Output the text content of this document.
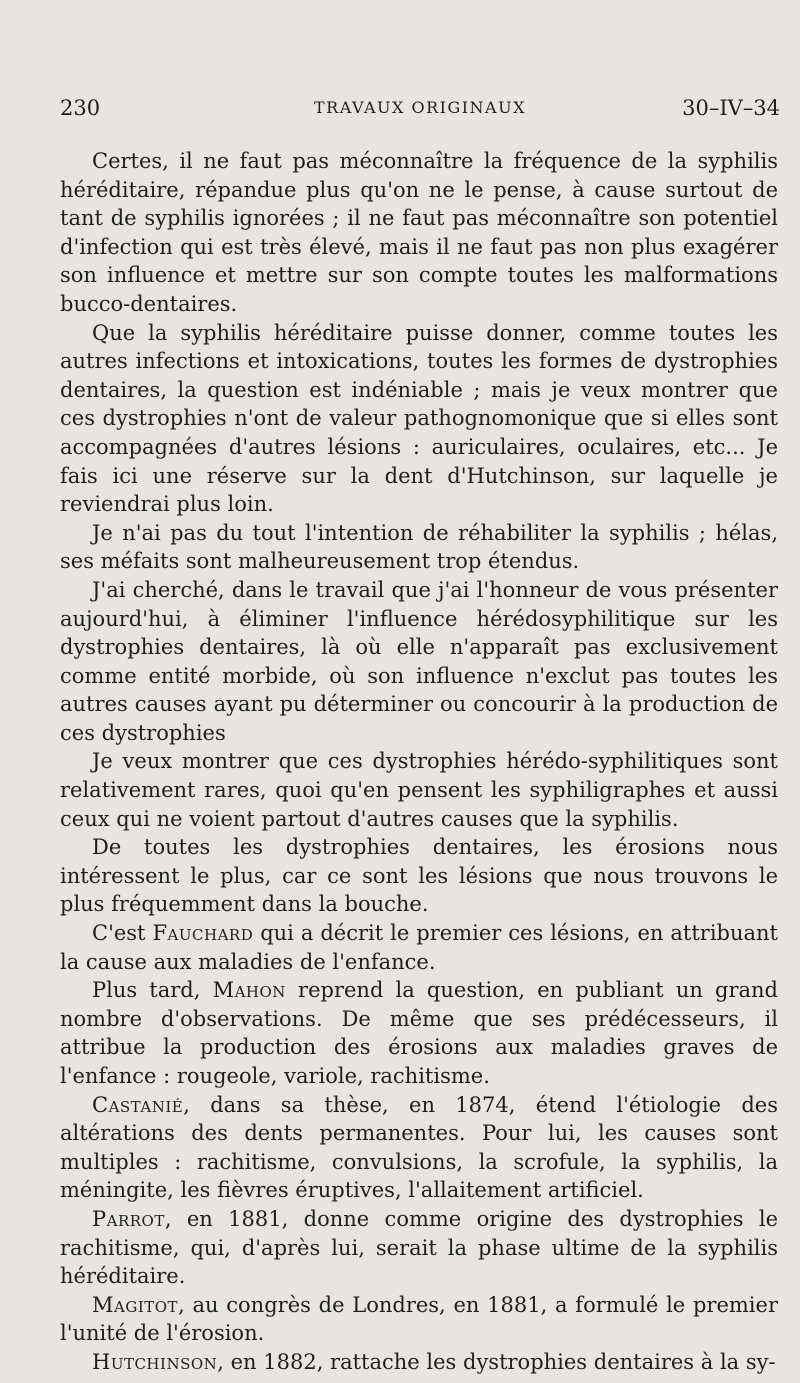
230	TRAVAUX ORIGINAUX	30–IV–34

Certes, il ne faut pas méconnaître la fréquence de la syphilis héréditaire, répandue plus qu'on ne le pense, à cause surtout de tant de syphilis ignorées ; il ne faut pas méconnaître son potentiel d'infection qui est très élevé, mais il ne faut pas non plus exagérer son influence et mettre sur son compte toutes les malformations bucco-dentaires.

Que la syphilis héréditaire puisse donner, comme toutes les autres infections et intoxications, toutes les formes de dystrophies dentaires, la question est indéniable ; mais je veux montrer que ces dystrophies n'ont de valeur pathognomonique que si elles sont accompagnées d'autres lésions : auriculaires, oculaires, etc... Je fais ici une réserve sur la dent d'Hutchinson, sur laquelle je reviendrai plus loin.

Je n'ai pas du tout l'intention de réhabiliter la syphilis ; hélas, ses méfaits sont malheureusement trop étendus.

J'ai cherché, dans le travail que j'ai l'honneur de vous présenter aujourd'hui, à éliminer l'influence hérédosyphilitique sur les dystrophies dentaires, là où elle n'apparaît pas exclusivement comme entité morbide, où son influence n'exclut pas toutes les autres causes ayant pu déterminer ou concourir à la production de ces dystrophies

Je veux montrer que ces dystrophies hérédo-syphilitiques sont relativement rares, quoi qu'en pensent les syphiligraphes et aussi ceux qui ne voient partout d'autres causes que la syphilis.

De toutes les dystrophies dentaires, les érosions nous intéressent le plus, car ce sont les lésions que nous trouvons le plus fréquemment dans la bouche.

C'est Fauchard qui a décrit le premier ces lésions, en attribuant la cause aux maladies de l'enfance.

Plus tard, Mahon reprend la question, en publiant un grand nombre d'observations. De même que ses prédécesseurs, il attribue la production des érosions aux maladies graves de l'enfance : rougeole, variole, rachitisme.

Castanié, dans sa thèse, en 1874, étend l'étiologie des altérations des dents permanentes. Pour lui, les causes sont multiples : rachitisme, convulsions, la scrofule, la syphilis, la méningite, les fièvres éruptives, l'allaitement artificiel.

Parrot, en 1881, donne comme origine des dystrophies le rachitisme, qui, d'après lui, serait la phase ultime de la syphilis héréditaire.

Magitot, au congrès de Londres, en 1881, a formulé le premier l'unité de l'érosion.

Hutchinson, en 1882, rattache les dystrophies dentaires à la sy-
